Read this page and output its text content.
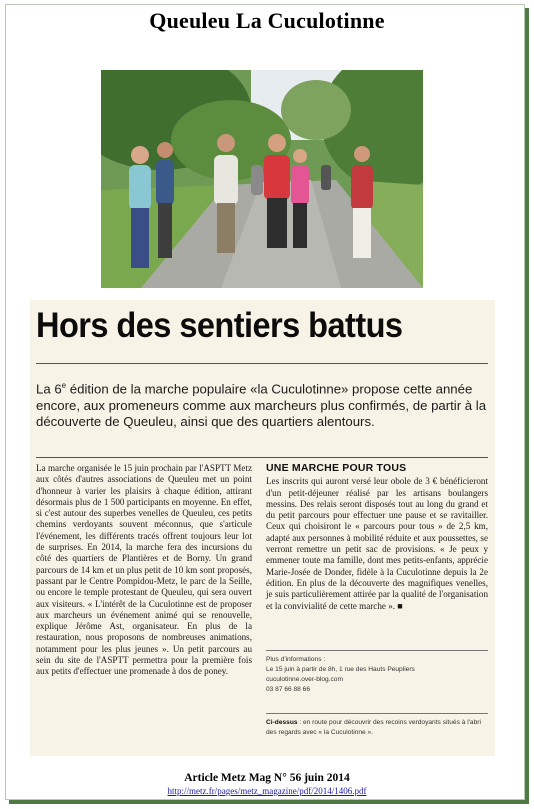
Queuleu La Cuculotinne
Hors des sentiers battus
La 6e édition de la marche populaire «la Cuculotinne» propose cette année encore, aux promeneurs comme aux marcheurs plus confirmés, de partir à la découverte de Queuleu, ainsi que des quartiers alentours.
La marche organisée le 15 juin prochain par l'ASPTT Metz aux côtés d'autres associations de Queuleu met un point d'honneur à varier les plaisirs à chaque édition, attirant désormais plus de 1 500 participants en moyenne. En effet, si c'est autour des superbes venelles de Queuleu, ces petits chemins verdoyants souvent méconnus, que s'articule l'événement, les différents tracés offrent toujours leur lot de surprises. En 2014, la marche fera des incursions du côté des quartiers de Plantières et de Borny. Un grand parcours de 14 km et un plus petit de 10 km sont proposés, passant par le Centre Pompidou-Metz, le parc de la Seille, ou encore le temple protestant de Queuleu, qui sera ouvert aux visiteurs. « L'intérêt de la Cuculotinne est de proposer aux marcheurs un événement animé qui se renouvelle, explique Jérôme Ast, organisateur. En plus de la restauration, nous proposons de nombreuses animations, notamment pour les plus jeunes ». Un petit parcours au sein du site de l'ASPTT permettra pour la première fois aux petits d'effectuer une promenade à dos de poney.
UNE MARCHE POUR TOUS
Les inscrits qui auront versé leur obole de 3 € bénéficieront d'un petit-déjeuner réalisé par les artisans boulangers messins. Des relais seront disposés tout au long du grand et du petit parcours pour effectuer une pause et se ravitailler. Ceux qui choisiront le « parcours pour tous » de 2,5 km, adapté aux personnes à mobilité réduite et aux poussettes, se verront remettre un petit sac de provisions. « Je peux y emmener toute ma famille, dont mes petits-enfants, apprécie Marie-Josée de Donder, fidèle à la Cuculotinne depuis la 2e édition. En plus de la découverte des magnifiques venelles, je suis particulièrement attirée par la qualité de l'organisation et la convivialité de cette marche ». ■
Plus d'informations :
Le 15 juin à partir de 8h, 1 rue des Hauts Peupliers
cuculotinne.over-blog.com
03 87 66 88 66
Ci-dessus : en route pour découvrir des recoins verdoyants situés à l'abri des regards avec « la Cuculotinne ».
Article Metz Mag N° 56 juin 2014
http://metz.fr/pages/metz_magazine/pdf/2014/1406.pdf
